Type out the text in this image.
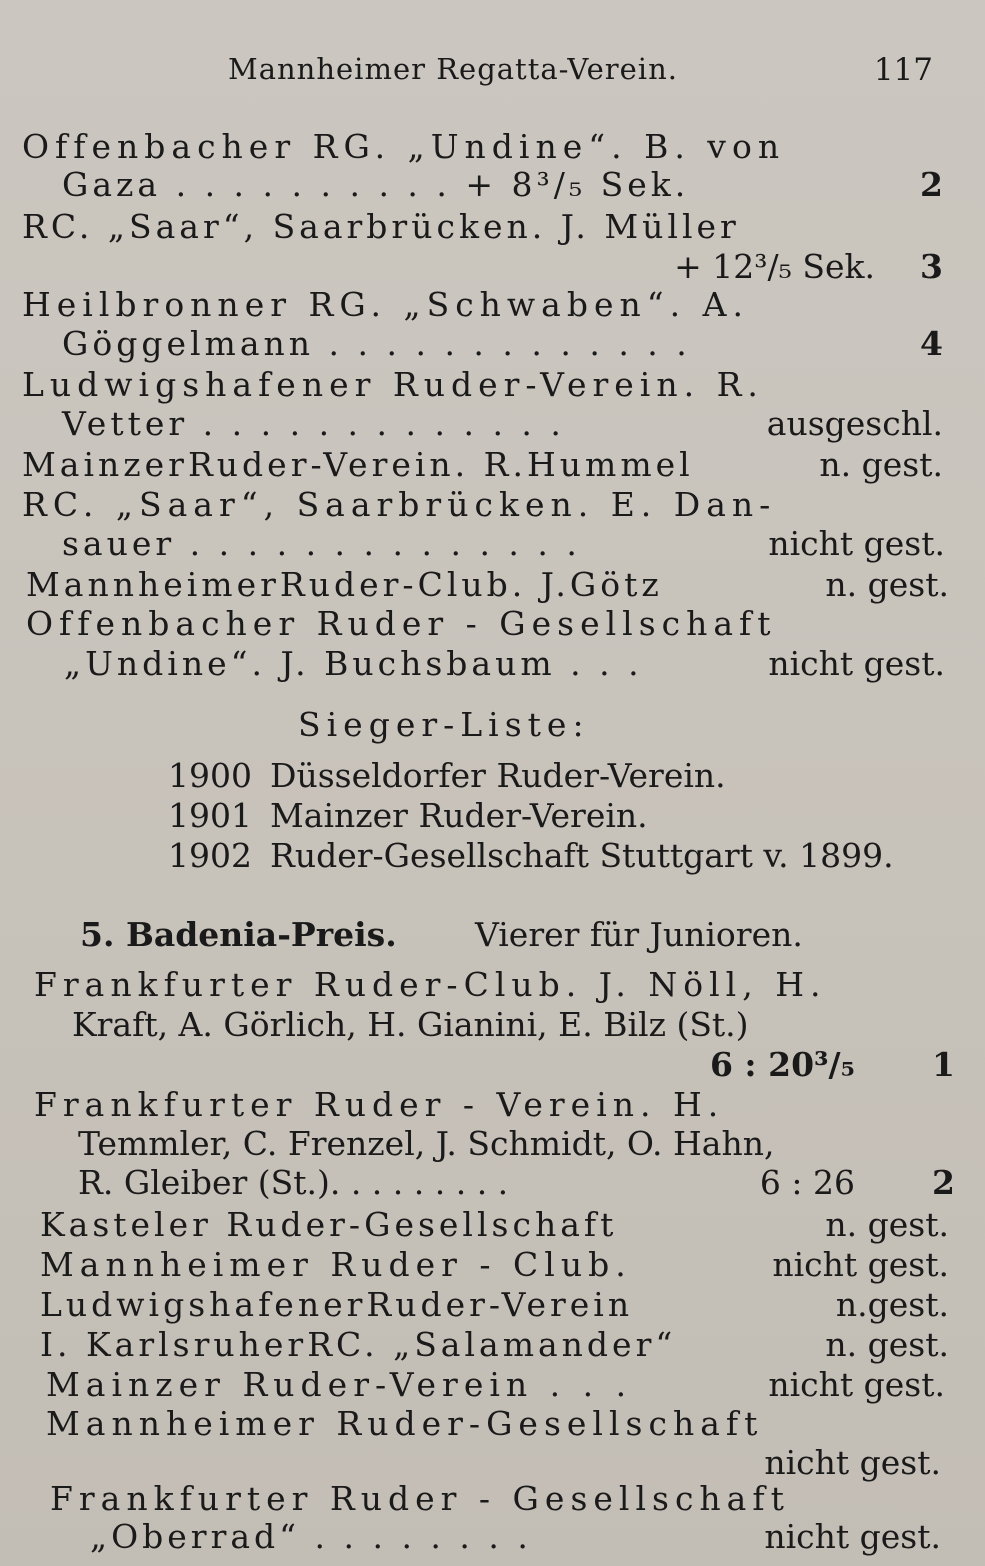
Mannheimer Regatta-Verein.	117
Offenbacher RG. „Undine“. B. von
Gaza . . . . . . . . . . + 8³/₅ Sek.	2
RC. „Saar“, Saarbrücken. J. Müller
+ 12³/₅ Sek. 3
Heilbronner RG. „Schwaben“. A.
Göggelmann . . . . . . . . . . . . .	4
Ludwigshafener Ruder-Verein. R.
Vetter . . . . . . . . . . . . .	ausgeschl.
MainzerRuder-Verein. R.Hummel	n. gest.
RC. „Saar“, Saarbrücken. E. Dan-
sauer . . . . . . . . . . . . . .	nicht gest.
MannheimerRuder-Club. J.Götz	n. gest.
Offenbacher Ruder - Gesellschaft
„Undine“. J. Buchsbaum . . .	nicht gest.
Sieger-Liste:
1900 Düsseldorfer Ruder-Verein.
1901 Mainzer Ruder-Verein.
1902 Ruder-Gesellschaft Stuttgart v. 1899.
5. Badenia-Preis. Vierer für Junioren.
Frankfurter Ruder-Club. J. Nöll, H.
Kraft, A. Görlich, H. Gianini, E. Bilz (St.)
6 : 20³/₅ 1
Frankfurter Ruder - Verein. H.
Temmler, C. Frenzel, J. Schmidt, O. Hahn,
R. Gleiber (St.). . . . . . . . .	6 : 26 2
Kasteler Ruder-Gesellschaft	n. gest.
Mannheimer Ruder - Club.	nicht gest.
LudwigshafenerRuder-Verein	n.gest.
I. KarlsruherRC. „Salamander“	n. gest.
Mainzer Ruder-Verein . . .	nicht gest.
Mannheimer Ruder-Gesellschaft
nicht gest.
Frankfurter Ruder - Gesellschaft
„Oberrad“ . . . . . . . .	nicht gest.
